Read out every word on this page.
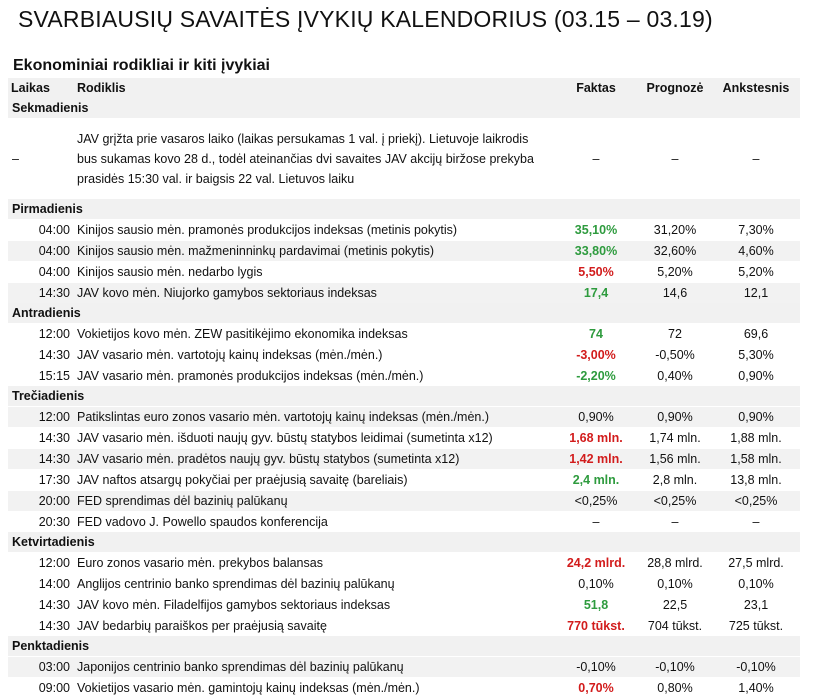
SVARBIAUSIŲ SAVAITĖS ĮVYKIŲ KALENDORIUS (03.15 – 03.19)
Ekonominiai rodikliai ir kiti įvykiai
Laikas	Rodiklis	Faktas	Prognozė	Ankstesnis
Sekmadienis				
–	JAV grįžta prie vasaros laiko (laikas persukamas 1 val. į priekį). Lietuvoje laikrodis bus sukamas kovo 28 d., todėl ateinančias dvi savaites JAV akcijų biržose prekyba prasidės 15:30 val. ir baigsis 22 val. Lietuvos laiku	–	–	–
Pirmadienis				
04:00	Kinijos sausio mėn. pramonės produkcijos indeksas (metinis pokytis)	35,10%	31,20%	7,30%
04:00	Kinijos sausio mėn. mažmeninninkų pardavimai (metinis pokytis)	33,80%	32,60%	4,60%
04:00	Kinijos sausio mėn. nedarbo lygis	5,50%	5,20%	5,20%
14:30	JAV kovo mėn. Niujorko gamybos sektoriaus indeksas	17,4	14,6	12,1
Antradienis				
12:00	Vokietijos kovo mėn. ZEW pasitikėjimo ekonomika indeksas	74	72	69,6
14:30	JAV vasario mėn. vartotojų kainų indeksas (mėn./mėn.)	-3,00%	-0,50%	5,30%
15:15	JAV vasario mėn. pramonės produkcijos indeksas (mėn./mėn.)	-2,20%	0,40%	0,90%
Trečiadienis				
12:00	Patikslintas euro zonos vasario mėn. vartotojų kainų indeksas (mėn./mėn.)	0,90%	0,90%	0,90%
14:30	JAV vasario mėn. išduoti naujų gyv. būstų statybos leidimai (sumetinta x12)	1,68 mln.	1,74 mln.	1,88 mln.
14:30	JAV vasario mėn. pradėtos naujų gyv. būstų statybos (sumetinta x12)	1,42 mln.	1,56 mln.	1,58 mln.
17:30	JAV naftos atsargų pokyčiai per praėjusią savaitę (bareliais)	2,4 mln.	2,8 mln.	13,8 mln.
20:00	FED sprendimas dėl bazinių palūkanų	<0,25%	<0,25%	<0,25%
20:30	FED vadovo J. Powello spaudos konferencija	–	–	–
Ketvirtadienis				
12:00	Euro zonos vasario mėn. prekybos balansas	24,2 mlrd.	28,8 mlrd.	27,5 mlrd.
14:00	Anglijos centrinio banko sprendimas dėl bazinių palūkanų	0,10%	0,10%	0,10%
14:30	JAV kovo mėn. Filadelfijos gamybos sektoriaus indeksas	51,8	22,5	23,1
14:30	JAV bedarbių paraiškos per praėjusią savaitę	770 tūkst.	704 tūkst.	725 tūkst.
Penktadienis				
03:00	Japonijos centrinio banko sprendimas dėl bazinių palūkanų	-0,10%	-0,10%	-0,10%
09:00	Vokietijos vasario mėn. gamintojų kainų indeksas (mėn./mėn.)	0,70%	0,80%	1,40%
